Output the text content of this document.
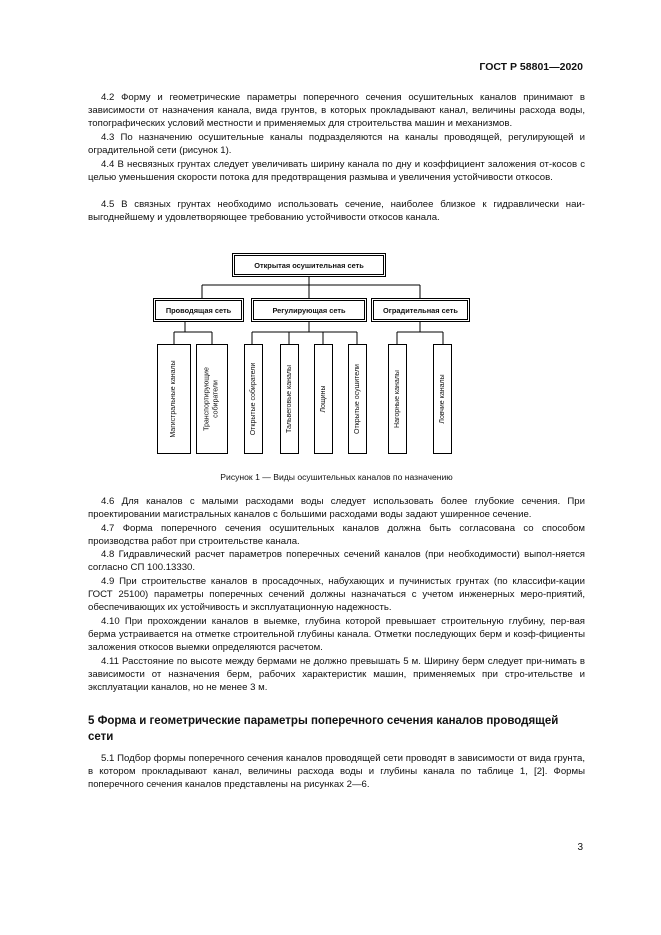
ГОСТ Р 58801—2020

4.2 Форму и геометрические параметры поперечного сечения осушительных каналов принимают в зависимости от назначения канала, вида грунтов, в которых прокладывают канал, величины расхода воды, топографических условий местности и применяемых для строительства машин и механизмов.

4.3 По назначению осушительные каналы подразделяются на каналы проводящей, регулирующей и оградительной сети (рисунок 1).

4.4 В несвязных грунтах следует увеличивать ширину канала по дну и коэффициент заложения от-косов с целью уменьшения скорости потока для предотвращения размыва и увеличения устойчивости откосов.

4.5 В связных грунтах необходимо использовать сечение, наиболее близкое к гидравлически наи-выгоднейшему и удовлетворяющее требованию устойчивости откосов канала.

Открытая осушительная сеть
Проводящая сеть	Регулирующая сеть	Оградительная сеть
Магистральные каналы	Транспортирующие собиратели	Открытые собиратели	Тальвеговые каналы	Лощины	Открытые осушители	Нагорные каналы	Ловчие каналы
Рисунок 1 — Виды осушительных каналов по назначению

4.6 Для каналов с малыми расходами воды следует использовать более глубокие сечения. При проектировании магистральных каналов с большими расходами воды задают уширенное сечение.

4.7 Форма поперечного сечения осушительных каналов должна быть согласована со способом производства работ при строительстве канала.

4.8 Гидравлический расчет параметров поперечных сечений каналов (при необходимости) выпол-няется согласно СП 100.13330.

4.9 При строительстве каналов в просадочных, набухающих и пучинистых грунтах (по классифи-кации ГОСТ 25100) параметры поперечных сечений должны назначаться с учетом инженерных меро-приятий, обеспечивающих их устойчивость и эксплуатационную надежность.

4.10 При прохождении каналов в выемке, глубина которой превышает строительную глубину, пер-вая берма устраивается на отметке строительной глубины канала. Отметки последующих берм и коэф-фициенты заложения откосов выемки определяются расчетом.

4.11 Расстояние по высоте между бермами не должно превышать 5 м. Ширину берм следует при-нимать в зависимости от назначения берм, рабочих характеристик машин, применяемых при стро-ительстве и эксплуатации каналов, но не менее 3 м.

5 Форма и геометрические параметры поперечного сечения каналов проводящей сети

5.1 Подбор формы поперечного сечения каналов проводящей сети проводят в зависимости от вида грунта, в котором прокладывают канал, величины расхода воды и глубины канала по таблице 1, [2]. Формы поперечного сечения каналов представлены на рисунках 2—6.

3
